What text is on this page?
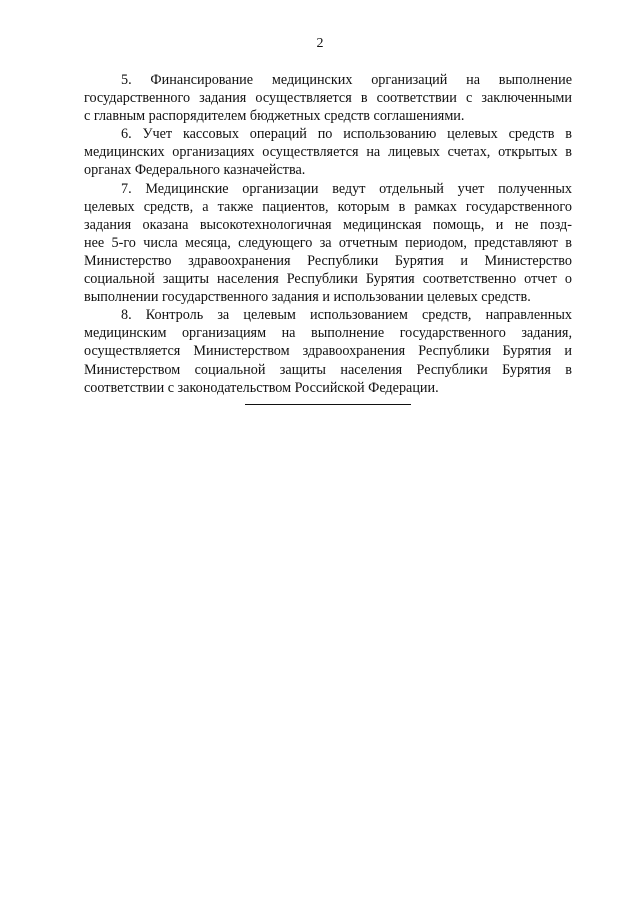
2
5. Финансирование медицинских организаций на выполнение
государственного задания осуществляется в соответствии с заключенными
с главным распорядителем бюджетных средств соглашениями.
6. Учет кассовых операций по использованию целевых средств в
медицинских организациях осуществляется на лицевых счетах, открытых в
органах Федерального казначейства.
7. Медицинские организации ведут отдельный учет полученных
целевых средств, а также пациентов, которым в рамках государственного
задания оказана высокотехнологичная медицинская помощь, и не позд-
нее 5-го числа месяца, следующего за отчетным периодом, представляют в
Министерство здравоохранения Республики Бурятия и Министерство
социальной защиты населения Республики Бурятия соответственно отчет о
выполнении государственного задания и использовании целевых средств.
8. Контроль за целевым использованием средств, направленных
медицинским организациям на выполнение государственного задания,
осуществляется Министерством здравоохранения Республики Бурятия и
Министерством социальной защиты населения Республики Бурятия в
соответствии с законодательством Российской Федерации.
